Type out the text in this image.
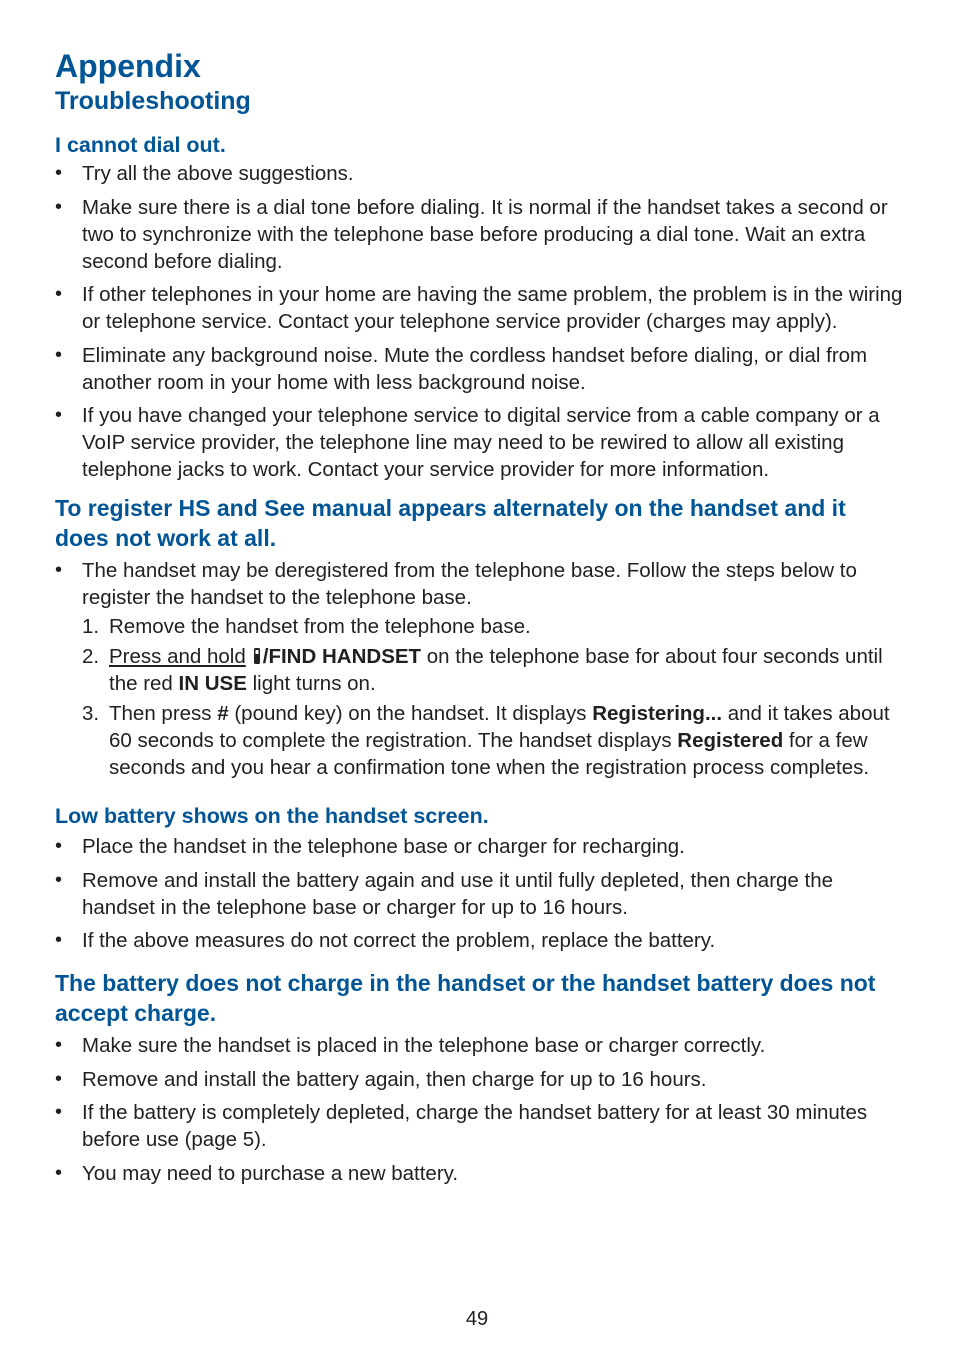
Appendix
Troubleshooting
I cannot dial out.
• Try all the above suggestions.
• Make sure there is a dial tone before dialing. It is normal if the handset takes a second or two to synchronize with the telephone base before producing a dial tone. Wait an extra second before dialing.
• If other telephones in your home are having the same problem, the problem is in the wiring or telephone service. Contact your telephone service provider (charges may apply).
• Eliminate any background noise. Mute the cordless handset before dialing, or dial from another room in your home with less background noise.
• If you have changed your telephone service to digital service from a cable company or a VoIP service provider, the telephone line may need to be rewired to allow all existing telephone jacks to work. Contact your service provider for more information.
To register HS and See manual appears alternately on the handset and it does not work at all.
• The handset may be deregistered from the telephone base. Follow the steps below to register the handset to the telephone base.
1. Remove the handset from the telephone base.
2. Press and hold /FIND HANDSET on the telephone base for about four seconds until the red IN USE light turns on.
3. Then press # (pound key) on the handset. It displays Registering... and it takes about 60 seconds to complete the registration. The handset displays Registered for a few seconds and you hear a confirmation tone when the registration process completes.
Low battery shows on the handset screen.
• Place the handset in the telephone base or charger for recharging.
• Remove and install the battery again and use it until fully depleted, then charge the handset in the telephone base or charger for up to 16 hours.
• If the above measures do not correct the problem, replace the battery.
The battery does not charge in the handset or the handset battery does not accept charge.
• Make sure the handset is placed in the telephone base or charger correctly.
• Remove and install the battery again, then charge for up to 16 hours.
• If the battery is completely depleted, charge the handset battery for at least 30 minutes before use (page 5).
• You may need to purchase a new battery.
49
